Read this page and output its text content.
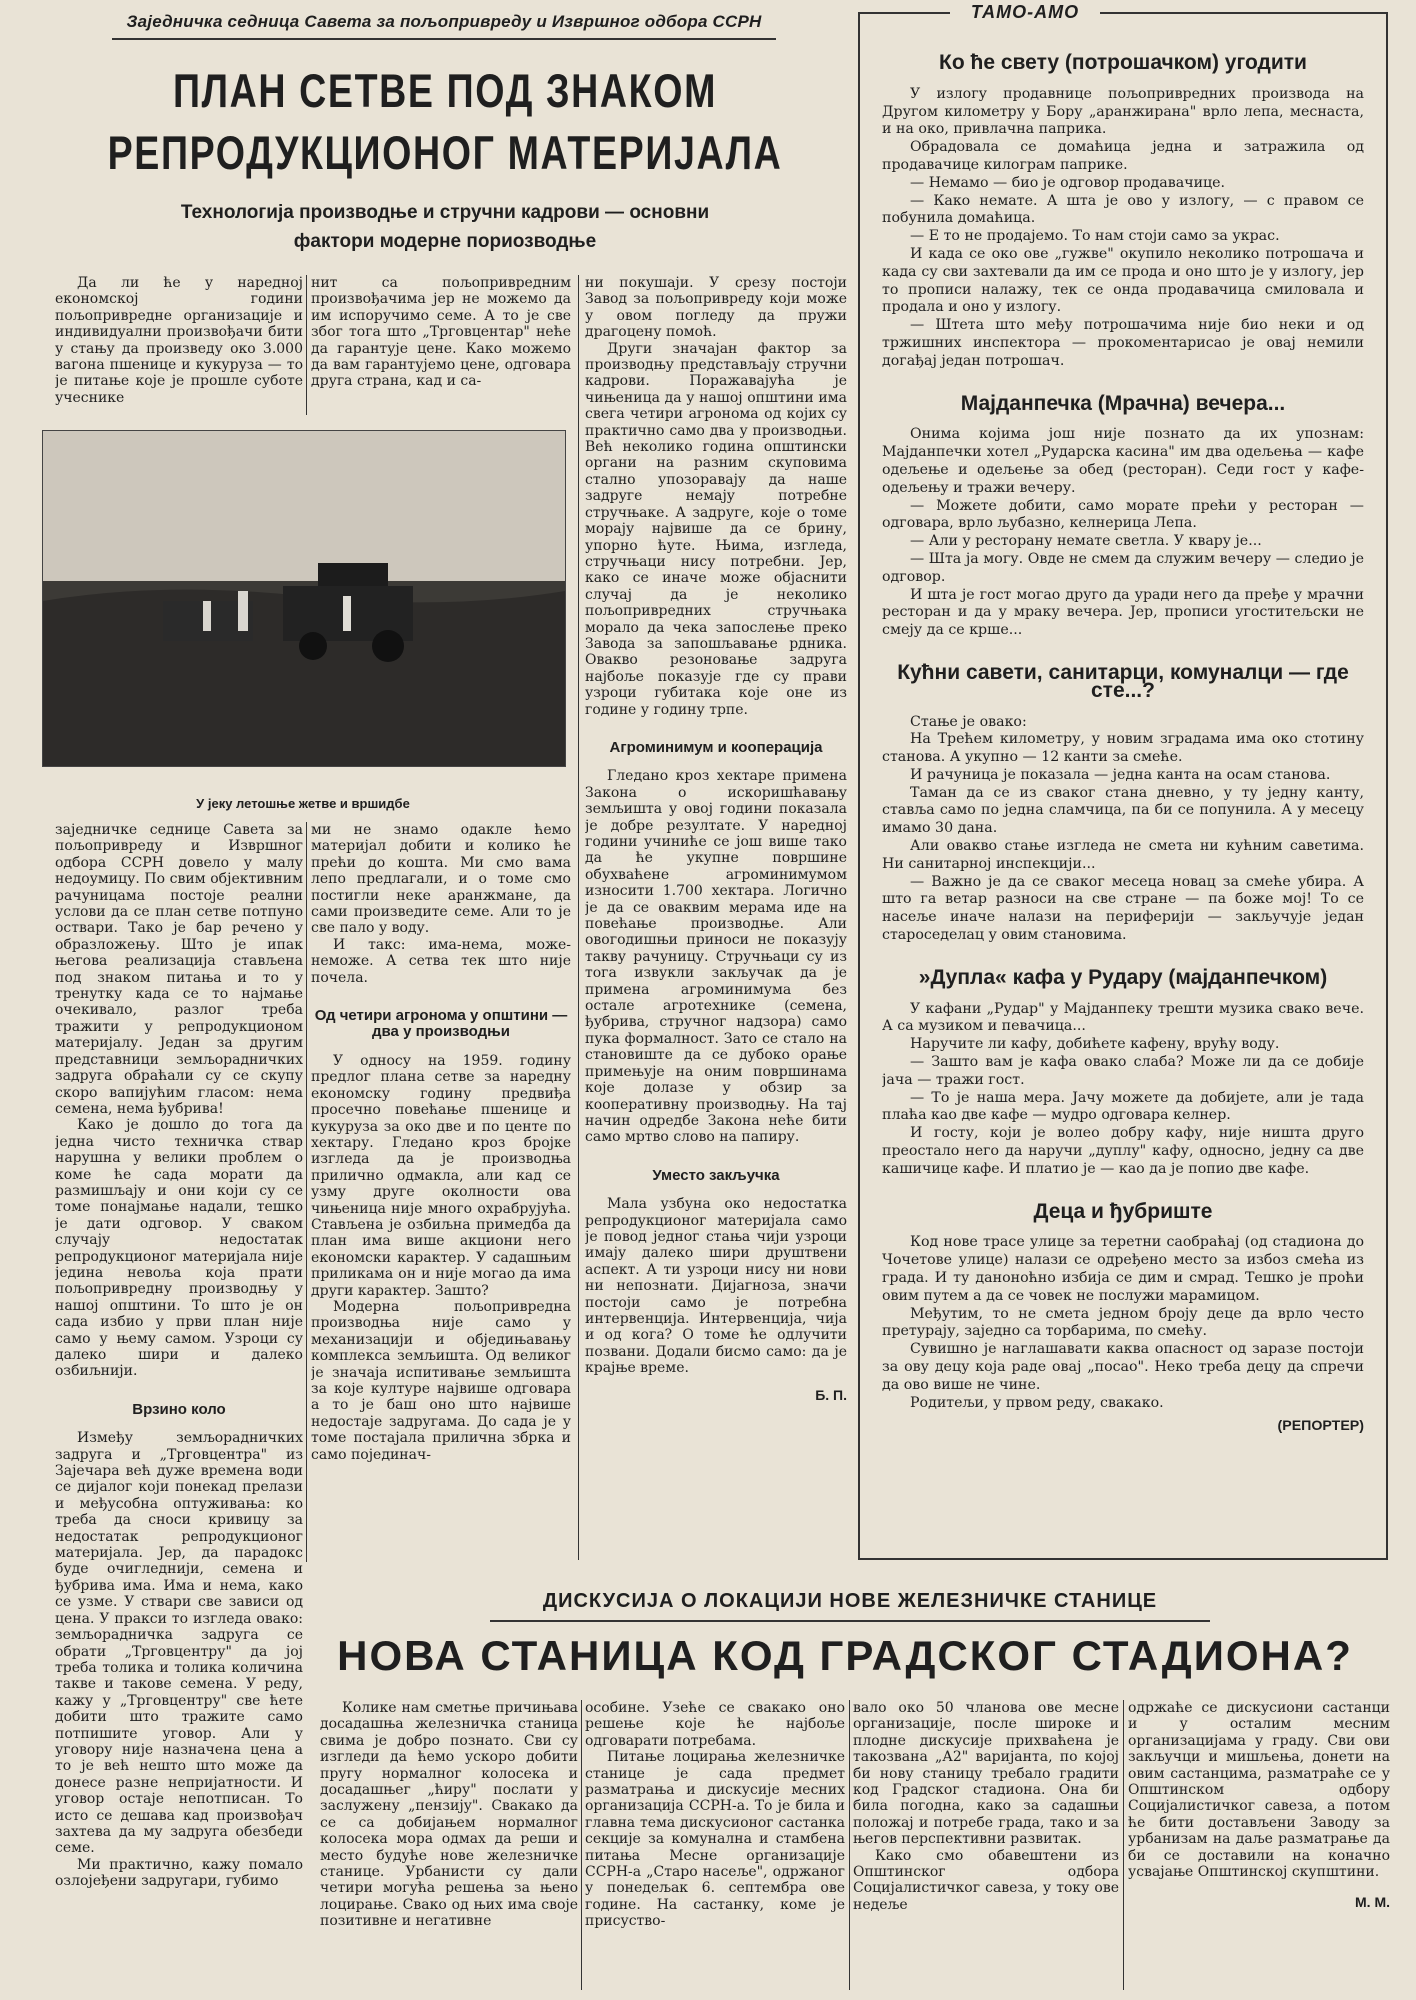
Заједничка седница Савета за пољопривреду и Извршног одбора ССРН
ПЛАН СЕТВЕ ПОД ЗНАКОМ
РЕПРОДУКЦИОНОГ МАТЕРИЈАЛА
Технологија производње и стручни кадрови — основни
фактори модерне пориозводње

Да ли ће у наредној економској години пољопривредне организације и индивидуални произвођачи бити у стању да произведу око 3.000 вагона пшенице и кукуруза — то је питање које је прошле суботе учесникe

нит са пољопривредним произвођачима јер не можемо да им испоручимо семе. А то је све због тога што „Трговцентар" неће да гарантује цене. Како можемо да вам гарантујемо цене, одговара друга страна, кад и са-

У јеку летошње жетве и вршидбе

заједничке седнице Савета за пољопривреду и Извршног одбора ССРН довело у малу недоумицу. По свим објективним рачуницама постоје реални услови да се план сетве потпуно оствари. Тако је бар речено у образложењу. Што је ипак његова реализација стављена под знаком питања и то у тренутку када се то најмање очекивало, разлог треба тражити у репродукционом материјалу. Један за другим представници земљорадничких задруга обраћали су се скупу скоро вапијућим гласом: нема семена, нема ђубрива!

Како је дошло до тога да једна чисто техничка ствар нарушна у велики проблем о коме ће сада морати да размишљају и они који су се томе понајмање надали, тешко је дати одговор. У сваком случају недостатак репродукционог материјала није једина невоља која прати пољопривредну производњу у нашој општини. То што је он сада избио у први план није само у њему самом. Узроци су далеко шири и далеко озбиљнији.

Врзино коло

Између земљорадничких задруга и „Трговцентра" из Зајечара већ дуже времена води се дијалог који понекад прелази и међусобна оптуживања: ко треба да сноси кривицу за недостатак репродукционог материјала. Јер, да парадокс буде очигледнији, семена и ђубрива има. Има и нема, како се узме. У ствари све зависи од цена. У пракси то изгледа овако: земљорадничка задруга се обрати „Трговцентру" да јој треба толика и толика количина такве и такове семена. У реду, кажу у „Трговцентру" све ћете добити што тражите само потпишите уговор. Али у уговору није назначена цена а то је већ нешто што може да донесе разне непријатности. И уговор остаје непотписан. То исто се дешава кад произвођач захтева да му задруга обезбеди семе.

Ми практично, кажу помало озлојеђени задругари, губимо

ми не знамо одакле ћемо материјал добити и колико ће прећи до кошта. Ми смо вама лепо предлагали, и о томе смо постигли неке аранжмане, да сами произведите семе. Али то је све пало у воду.

И такс: има-нема, може-неможе. А сетва тек што није почела.

Од четири агронома у општини — два у производњи

У односу на 1959. годину предлог плана сетве за наредну економску годину предвиђа просечно повећање пшенице и кукуруза за око две и по центе по хектару. Гледано кроз бројке изгледа да је производња прилично одмакла, али кад се узму друге околности ова чињеница није много охрабрујућа. Стављена је озбиљна примедба да план има више акциони него економски карактер. У садашњим приликама он и није могао да има други карактер. Зашто?

Модерна пољопривредна производња није само у механизацији и обједињавању комплекса земљишта. Од великог је значаја испитивање земљишта за које културе највише одговара а то је баш оно што највише недостаје задругама. До сада је у томе постајала прилична збрка и само појединач-

ни покушаји. У срезу постоји Завод за пољопривреду који може у овом погледу да пружи драгоцену помоћ.

Други значајан фактор за производњу представљају стручни кадрови. Поражавајућа је чињеница да у нашој општини има свега четири агронома од којих су практично само два у производњи. Већ неколико година општински органи на разним скуповима стално упозоравају да наше задруге немају потребне стручњаке. А задруге, које о томе морају највише да се брину, упорно ћуте. Њима, изгледа, стручњаци нису потребни. Јер, како се иначе може објаснити случај да је неколико пољопривредних стручњака морало да чека запослење преко Завода за запошљавање рдника. Овакво резоновање задруга најбоље показује где су прави узроци губитака које оне из године у годину трпе.

Агроминимум и кооперација

Гледано кроз хектаре примена Закона о искоришћавању земљишта у овој години показала је добре резултате. У наредној години учиниће се још више тако да ће укупне површине обухваћене агроминимумом износити 1.700 хектара. Логично је да се оваквим мерама иде на повећање производње. Али овогодишњи приноси не показују такву рачуницу. Стручњаци су из тога извукли закључак да је примена агроминимума без остале агротехнике (семена, ђубрива, стручног надзора) само пука формалност. Зато се стало на становиште да се дубоко орање примењује на оним површинама које долазе у обзир за кооперативну производњу. На тај начин одредбе Закона неће бити само мртво слово на папиру.

Уместо закључка

Мала узбуна око недостатка репродукционог материјала само је повод једног стања чији узроци имају далеко шири друштвени аспект. А ти узроци нису ни нови ни непознати. Дијагноза, значи постоји само је потребна интервенција. Интервенција, чија и од кога? О томе ће одлучити позвани. Додали бисмо само: да је крајње време.

Б. П.
ТАМО-АМО
Ко ће свету (потрошачком) угодити

У излогу продавнице пољопривредних производа на Другом километру у Бору „аранжирана" врло лепа, меснаста, и на око, привлачна паприка.

Обрадовала се домаћица једна и затражила од продавачице килограм паприке.

— Немамо — био је одговор продавачице.

— Како немате. А шта је ово у излогу, — с правом се побунила домаћица.

— Е то не продајемо. То нам стоји само за украс.

И када се око ове „гужве" окупило неколико потрошача и када су сви захтевали да им се прода и оно што је у излогу, јер то прописи налажу, тек се онда продавачица смиловала и продала и оно у излогу.

— Штета што међу потрошачима није био неки и од тржишних инспектора — прокоментарисао је овај немили догађај један потрошач.

Мајданпечка (Мрачна) вечера...

Онима којима још није познато да их упознам: Мајданпечки хотел „Рударска касина" им два одељења — кафе одељење и одељење за обед (ресторан). Седи гост у кафе-одељењу и тражи вечеру.

— Можете добити, само морате прећи у ресторан — одговара, врло љубазно, келнерица Лепа.

— Али у ресторану немате светла. У кварy је...

— Шта ја могу. Овде не смем да служим вечеру — следио је одговор.

И шта је гост могао друго да уради него да пређе у мрачни ресторан и да у мраку вечера. Јер, прописи угоститељски не смеју да се крше...

Кућни савети, санитарци, комуналци — где сте...?

Стање је овако:

На Трећем километру, у новим зградама има око стотину станова. А укупно — 12 канти за смеће.

И рачуница је показала — једна канта на осам станова.

Таман да се из сваког стана дневно, у ту једну канту, ставља само по једна сламчица, па би се попунила. А у месецу имамо 30 дана.

Али овакво стање изгледа не смета ни кућним саветима. Ни санитарној инспекцији...

— Важно је да се сваког месеца новац за смеће убира. А што га ветар разноси на све стране — па боже мој! То се насеље иначе налази на периферији — закључује један староседелац у овим становима.

»Дупла« кафа у Рудару (мајданпечком)

У кафани „Рудар" у Мајданпеку трешти музика свако вече. А са музиком и певачица...

Наручите ли кафу, добићете кафену, врућу воду.

— Зашто вам је кафа овако слаба? Може ли да се добије јача — тражи гост.

— То је наша мера. Јачу можете да добијете, али је тада плаћа као две кафе — мудро одговара келнер.

И госту, који је волео добру кафу, није ништа друго преостало него да наручи „дуплу" кафу, односно, једну са две кашичице кафе. И платио је — као да је попио две кафе.

Деца и ђубриште

Код нове трасе улице за теретни саобраћај (од стадиона до Чочетове улице) налази се одређено место за избоз смећа из града. И ту даноноћно избија се дим и смрад. Тешко је проћи овим путем а да се човек не послужи марамицом.

Међутим, то не смета једном броју деце да врло често претурају, заједно са торбарима, по смећу.

Сувишно је наглашавати каква опасност од заразе постоји за ову децу која раде овај „посао". Неко треба децу да спречи да ово више не чине.

Родитељи, у првом реду, свакако.

(РЕПОРТЕР)
ДИСКУСИЈА О ЛОКАЦИЈИ НОВЕ ЖЕЛЕЗНИЧКЕ СТАНИЦЕ
НОВА СТАНИЦА КОД ГРАДСКОГ СТАДИОНА?

Колике нам сметње причињава досадашња железничка станица свима је добро познато. Сви су изгледи да ћемо ускоро добити пругу нормалног колосека и досадашњег „ћиру" послати у заслужену „пензију". Свакако да се са добијањем нормалног колосека мора одмах да реши и место будуће нове железничке станице. Урбанисти су дали четири могућа решења за њено лоцирање. Свако од њих има своје позитивне и негативне

особине. Узеће се свакако оно решење које ће најбоље одговарати потребама.

Питање лоцирања железничке станице је сада предмет разматрања и дискусије месних организација ССРН-а. То је била и главна тема дискусионог састанка секције за комунална и стамбена питања Месне организације ССРН-а „Старо насеље", одржаног у понедељак 6. септембра ове године. На састанку, коме је присуство-

вало око 50 чланова ове месне организације, после широке и плодне дискусије прихваћена је такозвана „А2" варијанта, по којој би нову станицу требало градити код Градског стадиона. Она би била погодна, како за садашњи положај и потребе града, тако и за његов перспективни развитак.

Како смо обавештени из Општинског одбора Социјалистичког савеза, у току ове недеље

одржаће се дискусиони састанци и у осталим месним организацијама у граду. Сви ови закључци и мишљења, донети на овим састанцима, разматраће се у Општинском одбору Социјалистичког савеза, а потом ће бити достављени Заводу за урбанизам на даље разматрање да би се доставили на коначно усвајање Општинској скупштини.

М. М.
